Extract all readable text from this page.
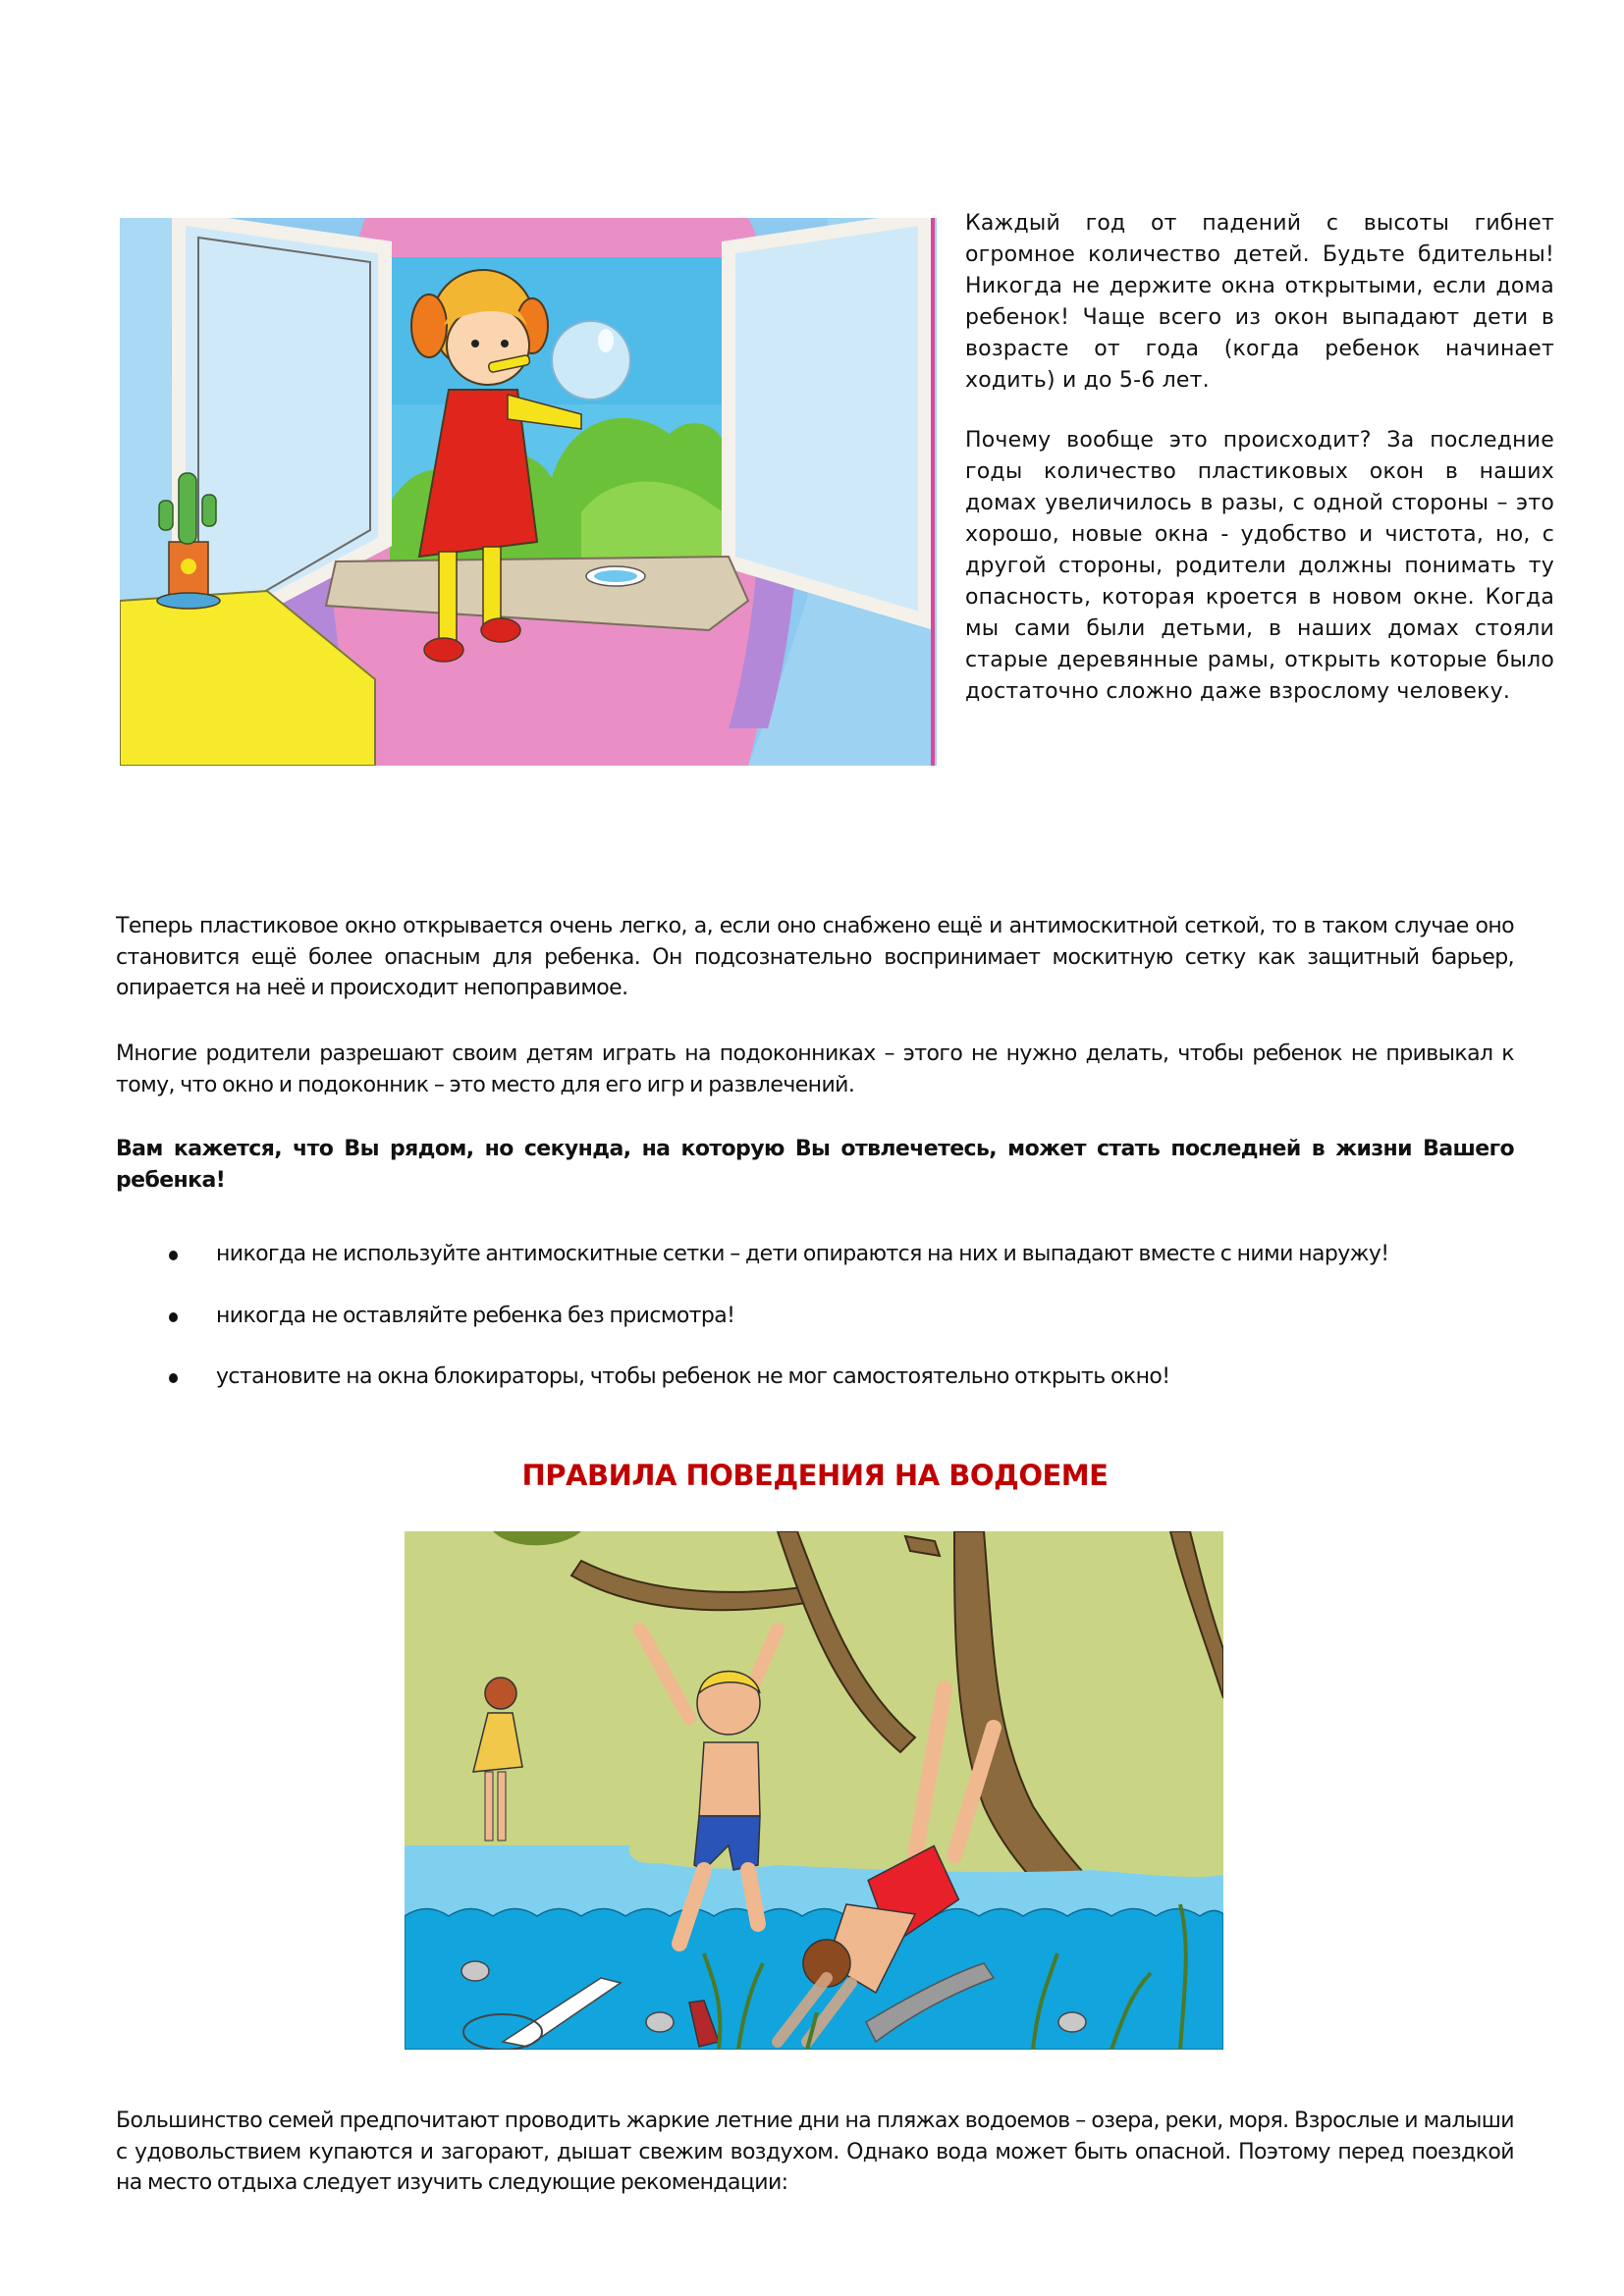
Каждый год от падений с высоты гибнет огромное количество детей. Будьте бдительны! Никогда не держите окна открытыми, если дома ребенок! Чаще всего из окон выпадают дети в возрасте от года (когда ребенок начинает ходить) и до 5-6 лет.

Почему вообще это происходит? За последние годы количество пластиковых окон в наших домах увеличилось в разы, с одной стороны – это хорошо, новые окна - удобство и чистота, но, с другой стороны, родители должны понимать ту опасность, которая кроется в новом окне. Когда мы сами были детьми, в наших домах стояли старые деревянные рамы, открыть которые было достаточно сложно даже взрослому человеку.

Теперь пластиковое окно открывается очень легко, а, если оно снабжено ещё и антимоскитной сеткой, то в таком случае оно становится ещё более опасным для ребенка. Он подсознательно воспринимает москитную сетку как защитный барьер, опирается на неё и происходит непоправимое.
Многие родители разрешают своим детям играть на подоконниках – этого не нужно делать, чтобы ребенок не привыкал к тому, что окно и подоконник – это место для его игр и развлечений.
Вам кажется, что Вы рядом, но секунда, на которую Вы отвлечетесь, может стать последней в жизни Вашего ребенка!
никогда не используйте антимоскитные сетки – дети опираются на них и выпадают вместе с ними наружу!
никогда не оставляйте ребенка без присмотра!
установите на окна блокираторы, чтобы ребенок не мог самостоятельно открыть окно!
ПРАВИЛА ПОВЕДЕНИЯ НА ВОДОЕМЕ
Большинство семей предпочитают проводить жаркие летние дни на пляжах водоемов – озера, реки, моря. Взрослые и малыши с удовольствием купаются и загорают, дышат свежим воздухом. Однако вода может быть опасной. Поэтому перед поездкой на место отдыха следует изучить следующие рекомендации:
